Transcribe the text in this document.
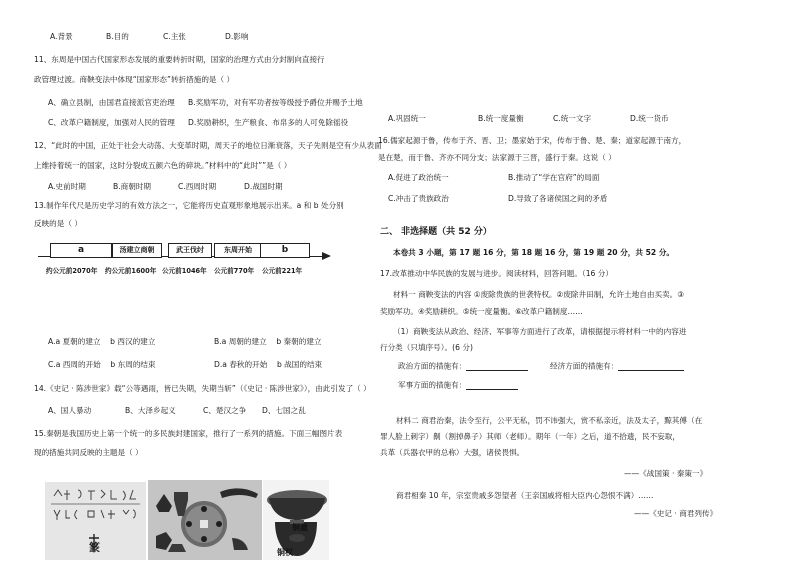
A.背景	B.目的	C.主张	D.影响
11、东周是中国古代国家形态发展的重要转折时期，国家的治理方式由分封制向直接行
政管理过渡。商鞅变法中体现“国家形态”转折措施的是（ ）
A、确立县制，由国君直接派官吏治理 B.奖励军功，对有军功者按等级授予爵位并赐予土地
C、改革户籍制度，加强对人民的管理 D.奖励耕织，生产粮食、布帛多的人可免除徭役
12、“此时的中国，正处于社会大动荡、大变革时期，周天子的地位日渐衰落，天子先则是空有少从表面
上维持着统一的国家，这时分裂成五颜六色的碎块。”材料中的“此时””是（ ）
A.史前时期	B.商朝时期	C.西周时期	D.战国时期
13.制作年代尺是历史学习的有效方法之一，它能将历史直观形象地展示出来。a 和 b 处分别
反映的是（ ）
a	汤建立商朝	武王伐纣	东周开始	b
约公元前2070年 约公元前1600年 公元前1046年 公元前770年 公元前221年
A.a 夏朝的建立    b 西汉的建立	B.a 周朝的建立    b 秦朝的建立
C.a 西周的开始    b 东周的结束	D.a 春秋的开始    b 战国的结束
14.《史记 · 陈涉世家》载“公等遇雨，皆已失期，失期当斩”（《史记 · 陈涉世家》），由此引发了（ ）
A、国人暴动	B、大泽乡起义	C、楚汉之争 D、七国之乱
15.秦朝是我国历史上第一个统一的多民族封建国家，推行了一系列的措施。下面三幅图片表
现的措施共同反映的主题是（ ）
篆
铜量
铜权
A.巩固统一	B.统一度量衡	C.统一文字	D.统一货币
16.儒家起源于鲁，传布于齐、晋、卫；墨家始于宋，传布于鲁、楚、秦；道家起源于南方，
是在楚，而于鲁、齐亦不同分支；法家源于三晋，盛行于秦。这说（ ）
A.促进了政治统一	B.推动了“学在官府”的局面
C.冲击了贵族政治	D.导致了各诸侯国之间的矛盾
二、 非选择题（共 52 分）
本卷共 3 小题，第 17 题 16 分，第 18 题 16 分，第 19 题 20 分，共 52 分。
17.改革推动中华民族的发展与进步。阅读材料，回答问题。（16 分）
材料一 商鞅变法的内容 ①废除贵族的世袭特权。②废除井田制，允许土地自由买卖。③
奖励军功。④奖励耕织。⑤统一度量衡。⑥改革户籍制度……
（1）商鞅变法从政治、经济、军事等方面进行了改革，请根据提示将材料一中的内容进
行分类（只填序号）。(6 分)
政治方面的措施有：	经济方面的措施有：
军事方面的措施有：
材料二 商君治秦，法令至行，公平无私，罚不讳强大，赏不私亲近，法及太子，黥其傅（在
罪人脸上刺字）劓（割掉鼻子）其师（老师）。期年（一年）之后，道不拾遗，民不妄取，
兵革（兵器衣甲的总称）大强，诸侯畏惧。
——《战国策 · 秦策一》
商君相秦 10 年，宗室贵戚多怨望者（王亲国戚将相大臣内心怨恨不满）……
——《史记 · 商君列传》
